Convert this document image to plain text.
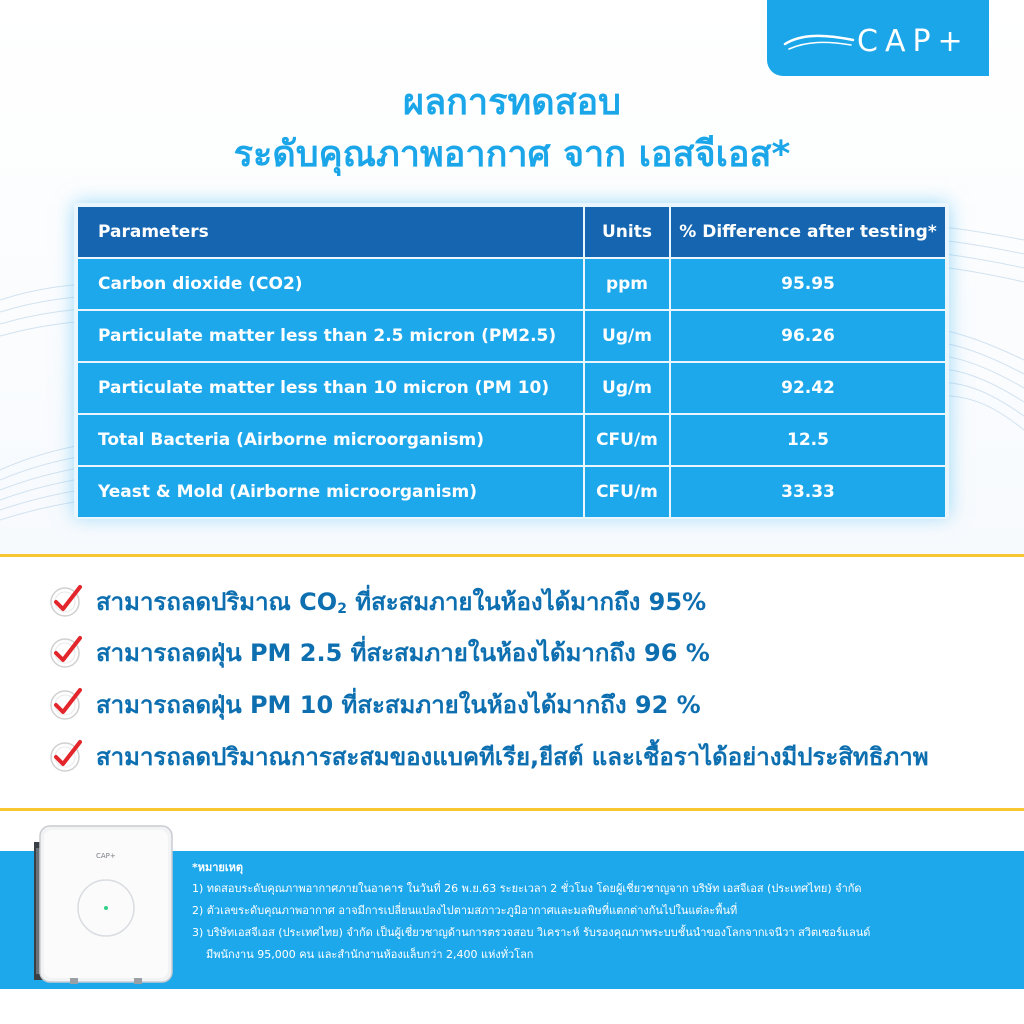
CAP+
ผลการทดสอบ
ระดับคุณภาพอากาศ จาก เอสจีเอส*
Parameters	Units	% Difference after testing*
Carbon dioxide (CO2)	ppm	95.95
Particulate matter less than 2.5 micron (PM2.5)	Ug/m	96.26
Particulate matter less than 10 micron (PM 10)	Ug/m	92.42
Total Bacteria (Airborne microorganism)	CFU/m	12.5
Yeast & Mold (Airborne microorganism)	CFU/m	33.33
สามารถลดปริมาณ $CO_2$ ที่สะสมภายในห้องได้มากถึง 95%
สามารถลดฝุ่น PM 2.5 ที่สะสมภายในห้องได้มากถึง 96 %
สามารถลดฝุ่น PM 10 ที่สะสมภายในห้องได้มากถึง 92 %
สามารถลดปริมาณการสะสมของแบคทีเรีย,ยีสต์ และเชื้อราได้อย่างมีประสิทธิภาพ
CAP+
*หมายเหตุ
1) ทดสอบระดับคุณภาพอากาศภายในอาคาร ในวันที่ 26 พ.ย.63 ระยะเวลา 2 ชั่วโมง โดยผู้เชี่ยวชาญจาก บริษัท เอสจีเอส (ประเทศไทย) จำกัด
2) ตัวเลขระดับคุณภาพอากาศ อาจมีการเปลี่ยนแปลงไปตามสภาวะภูมิอากาศและมลพิษที่แตกต่างกันไปในแต่ละพื้นที่
3) บริษัทเอสจีเอส (ประเทศไทย) จำกัด เป็นผู้เชี่ยวชาญด้านการตรวจสอบ วิเคราะห์ รับรองคุณภาพระบบชั้นนำของโลกจากเจนีวา สวิตเซอร์แลนด์
มีพนักงาน 95,000 คน และสำนักงานห้องแล็บกว่า 2,400 แห่งทั่วโลก
